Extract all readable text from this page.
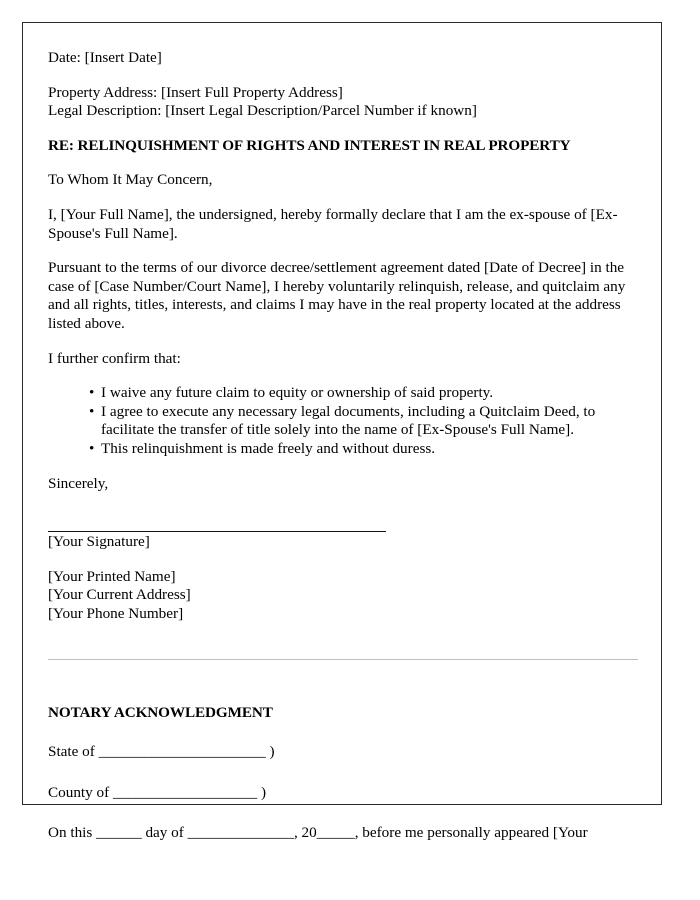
Date: [Insert Date]

Property Address: [Insert Full Property Address]

Legal Description: [Insert Legal Description/Parcel Number if known]

RE: RELINQUISHMENT OF RIGHTS AND INTEREST IN REAL PROPERTY

To Whom It May Concern,

I, [Your Full Name], the undersigned, hereby formally declare that I am the ex-spouse of [Ex-Spouse's Full Name].

Pursuant to the terms of our divorce decree/settlement agreement dated [Date of Decree] in the case of [Case Number/Court Name], I hereby voluntarily relinquish, release, and quitclaim any and all rights, titles, interests, and claims I may have in the real property located at the address listed above.

I further confirm that:

• I waive any future claim to equity or ownership of said property.
• I agree to execute any necessary legal documents, including a Quitclaim Deed, to facilitate the transfer of title solely into the name of [Ex-Spouse's Full Name].
• This relinquishment is made freely and without duress.

Sincerely,

[Your Signature]

[Your Printed Name]

[Your Current Address]

[Your Phone Number]

NOTARY ACKNOWLEDGMENT

State of ______________________ )

County of ___________________ )

On this ______ day of ______________, 20_____, before me personally appeared [Your
